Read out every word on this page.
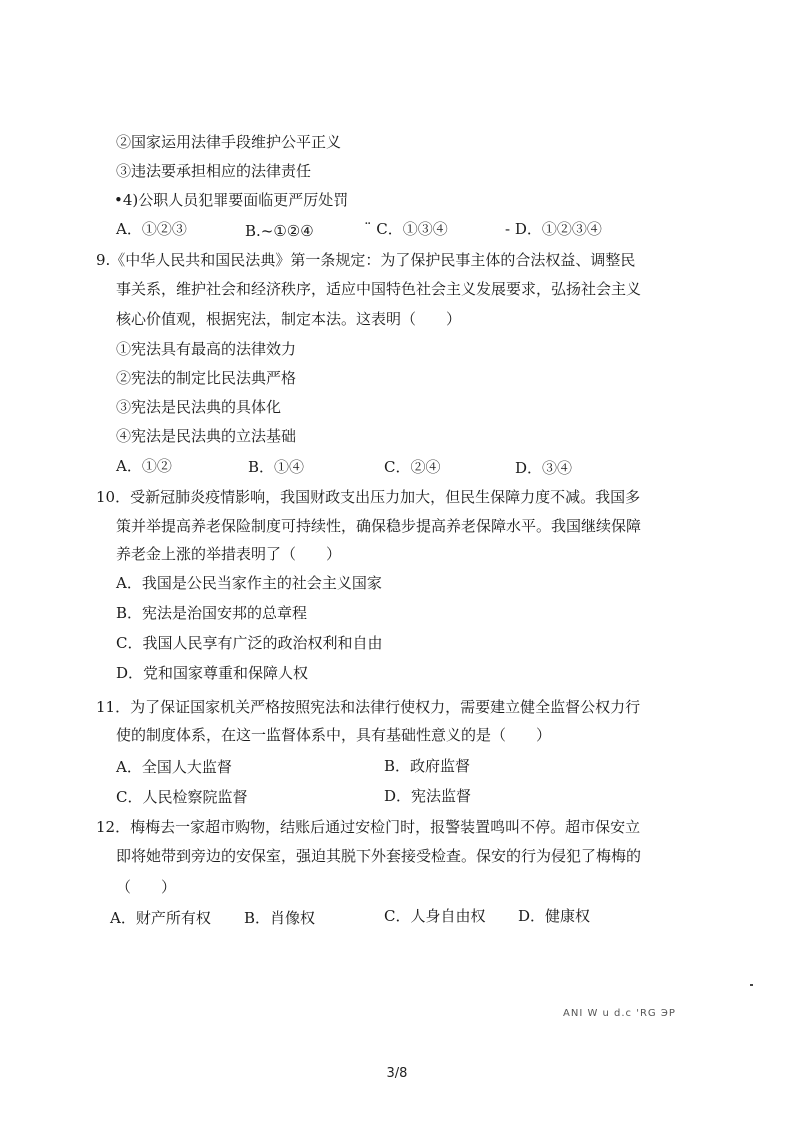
②国家运用法律手段维护公平正义
③违法要承担相应的法律责任
•4)公职人员犯罪要面临更严厉处罚
A．①②③	B.~①②④	¨ C．①③④	- D．①②③④
9.《中华人民共和国民法典》第一条规定：为了保护民事主体的合法权益、调整民
事关系，维护社会和经济秩序，适应中国特色社会主义发展要求，弘扬社会主义
核心价值观，根据宪法，制定本法。这表明（　　）
①宪法具有最高的法律效力
②宪法的制定比民法典严格
③宪法是民法典的具体化
④宪法是民法典的立法基础
A．①②	B．①④	C．②④	D．③④
10．受新冠肺炎疫情影响，我国财政支出压力加大，但民生保障力度不减。我国多
策并举提高养老保险制度可持续性，确保稳步提高养老保障水平。我国继续保障
养老金上涨的举措表明了（　　）
A．我国是公民当家作主的社会主义国家
B．宪法是治国安邦的总章程
C．我国人民享有广泛的政治权利和自由
D．党和国家尊重和保障人权
11．为了保证国家机关严格按照宪法和法律行使权力，需要建立健全监督公权力行
使的制度体系，在这一监督体系中，具有基础性意义的是（　　）
A．全国人大监督	B．政府监督
C．人民检察院监督	D．宪法监督
12．梅梅去一家超市购物，结账后通过安检门时，报警装置鸣叫不停。超市保安立
即将她带到旁边的安保室，强迫其脱下外套接受检查。保安的行为侵犯了梅梅的
（　　）
A．财产所有权 B．肖像权	C．人身自由权 D．健康权
ANI W u d.c 'RG ЭР
3/8
